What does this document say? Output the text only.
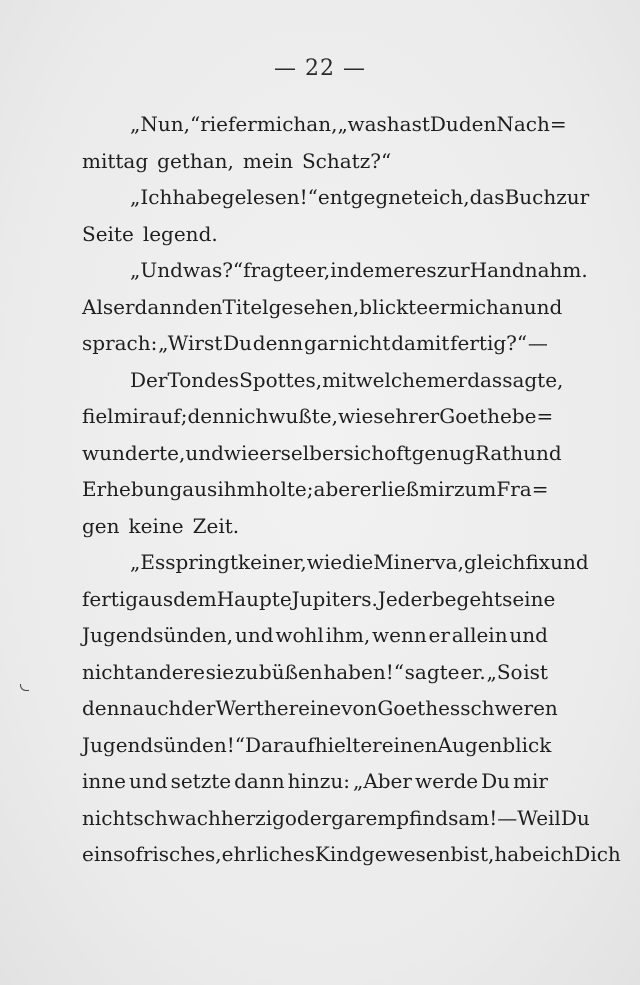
— 22 —
„Nun,“ rief er mich an, „was hast Du den Nach=
mittag gethan, mein Schatz?“
„Ich habe gelesen!“ entgegnete ich, das Buch zur
Seite legend.
„Und was?“ fragte er, indem er es zur Hand nahm.
Als er dann den Titel gesehen, blickte er mich an und
sprach: „Wirst Du denn gar nicht damit fertig?“ —
Der Ton des Spottes, mit welchem er das sagte,
fiel mir auf; denn ich wußte, wie sehr er Goethe be=
wunderte, und wie er selber sich oft genug Rath und
Erhebung aus ihm holte; aber er ließ mir zum Fra=
gen keine Zeit.
„Es springt keiner, wie die Minerva, gleich fix und
fertig aus dem Haupte Jupiters. Jeder begeht seine
Jugendsünden, und wohl ihm, wenn er allein und
nicht andere sie zu büßen haben!“ sagte er. „So ist
denn auch der Werther eine von Goethes schweren
Jugendsünden!“ Darauf hielt er einen Augenblick
inne und setzte dann hinzu: „Aber werde Du mir
nicht schwachherzig oder gar empfindsam! — Weil Du
ein so frisches, ehrliches Kind gewesen bist, habe ich Dich
